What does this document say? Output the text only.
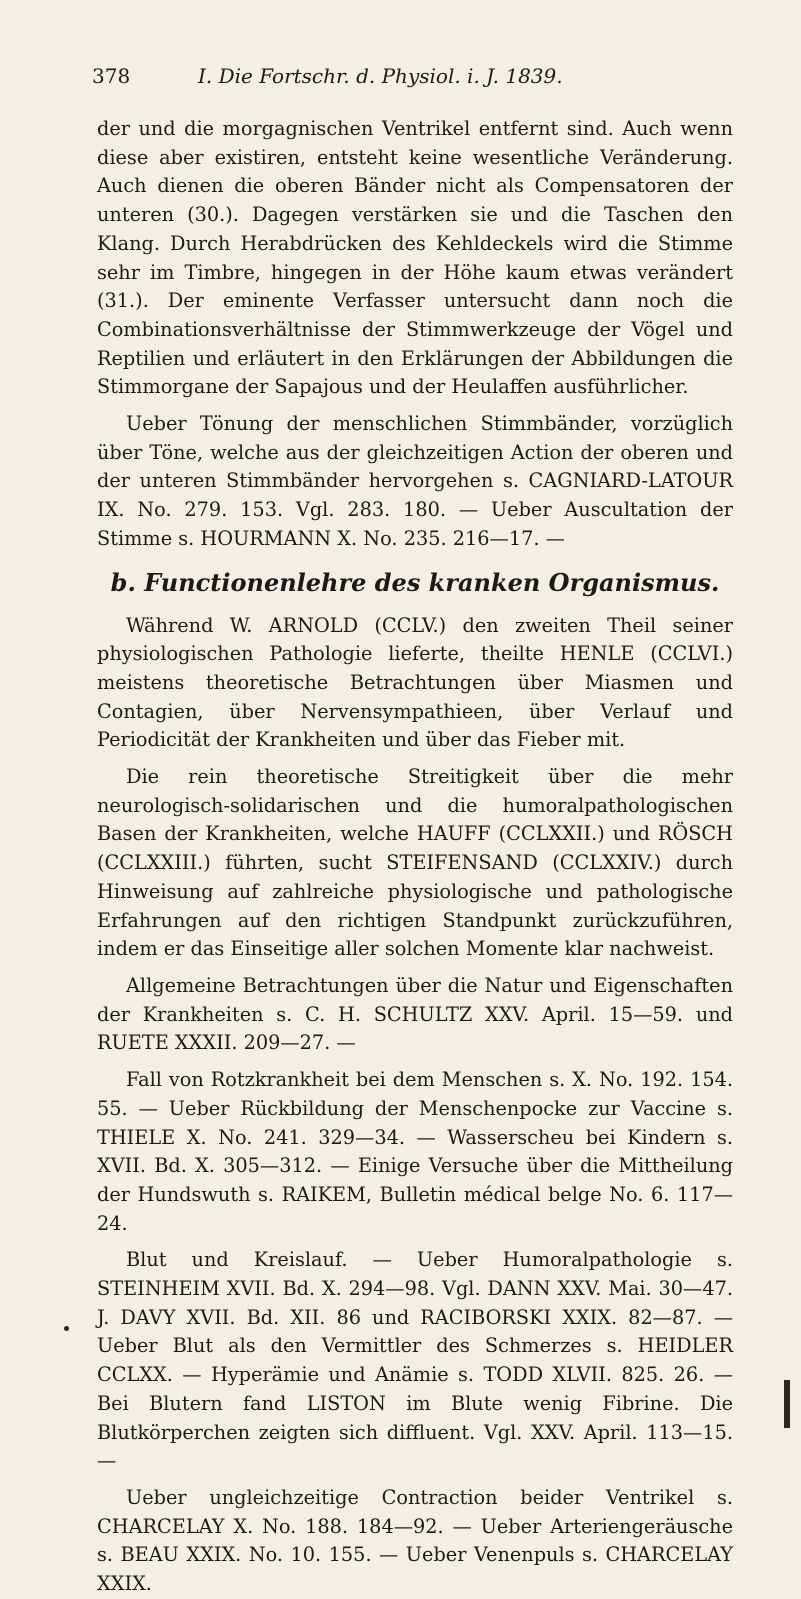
378	I. Die Fortschr. d. Physiol. i. J. 1839.

der und die morgagnischen Ventrikel entfernt sind. Auch wenn diese aber existiren, entsteht keine wesentliche Veränderung. Auch dienen die oberen Bänder nicht als Compensatoren der unteren (30.). Dagegen verstärken sie und die Taschen den Klang. Durch Herabdrücken des Kehldeckels wird die Stimme sehr im Timbre, hingegen in der Höhe kaum etwas verändert (31.). Der eminente Verfasser untersucht dann noch die Combinationsverhältnisse der Stimmwerkzeuge der Vögel und Reptilien und erläutert in den Erklärungen der Abbildungen die Stimmorgane der Sapajous und der Heulaffen ausführlicher.

Ueber Tönung der menschlichen Stimmbänder, vorzüglich über Töne, welche aus der gleichzeitigen Action der oberen und der unteren Stimmbänder hervorgehen s. CAGNIARD-LATOUR IX. No. 279. 153. Vgl. 283. 180. — Ueber Auscultation der Stimme s. HOURMANN X. No. 235. 216—17. —

b. Functionenlehre des kranken Organismus.

Während W. ARNOLD (CCLV.) den zweiten Theil seiner physiologischen Pathologie lieferte, theilte HENLE (CCLVI.) meistens theoretische Betrachtungen über Miasmen und Contagien, über Nervensympathieen, über Verlauf und Periodicität der Krankheiten und über das Fieber mit.

Die rein theoretische Streitigkeit über die mehr neurologisch-solidarischen und die humoralpathologischen Basen der Krankheiten, welche HAUFF (CCLXXII.) und RÖSCH (CCLXXIII.) führten, sucht STEIFENSAND (CCLXXIV.) durch Hinweisung auf zahlreiche physiologische und pathologische Erfahrungen auf den richtigen Standpunkt zurückzuführen, indem er das Einseitige aller solchen Momente klar nachweist.

Allgemeine Betrachtungen über die Natur und Eigenschaften der Krankheiten s. C. H. SCHULTZ XXV. April. 15—59. und RUETE XXXII. 209—27. —

Fall von Rotzkrankheit bei dem Menschen s. X. No. 192. 154. 55. — Ueber Rückbildung der Menschenpocke zur Vaccine s. THIELE X. No. 241. 329—34. — Wasserscheu bei Kindern s. XVII. Bd. X. 305—312. — Einige Versuche über die Mittheilung der Hundswuth s. RAIKEM, Bulletin médical belge No. 6. 117—24.

Blut und Kreislauf. — Ueber Humoralpathologie s. STEINHEIM XVII. Bd. X. 294—98. Vgl. DANN XXV. Mai. 30—47. J. DAVY XVII. Bd. XII. 86 und RACIBORSKI XXIX. 82—87. — Ueber Blut als den Vermittler des Schmerzes s. HEIDLER CCLXX. — Hyperämie und Anämie s. TODD XLVII. 825. 26. — Bei Blutern fand LISTON im Blute wenig Fibrine. Die Blutkörperchen zeigten sich diffluent. Vgl. XXV. April. 113—15. —

Ueber ungleichzeitige Contraction beider Ventrikel s. CHARCELAY X. No. 188. 184—92. — Ueber Arteriengeräusche s. BEAU XXIX. No. 10. 155. — Ueber Venenpuls s. CHARCELAY XXIX.
